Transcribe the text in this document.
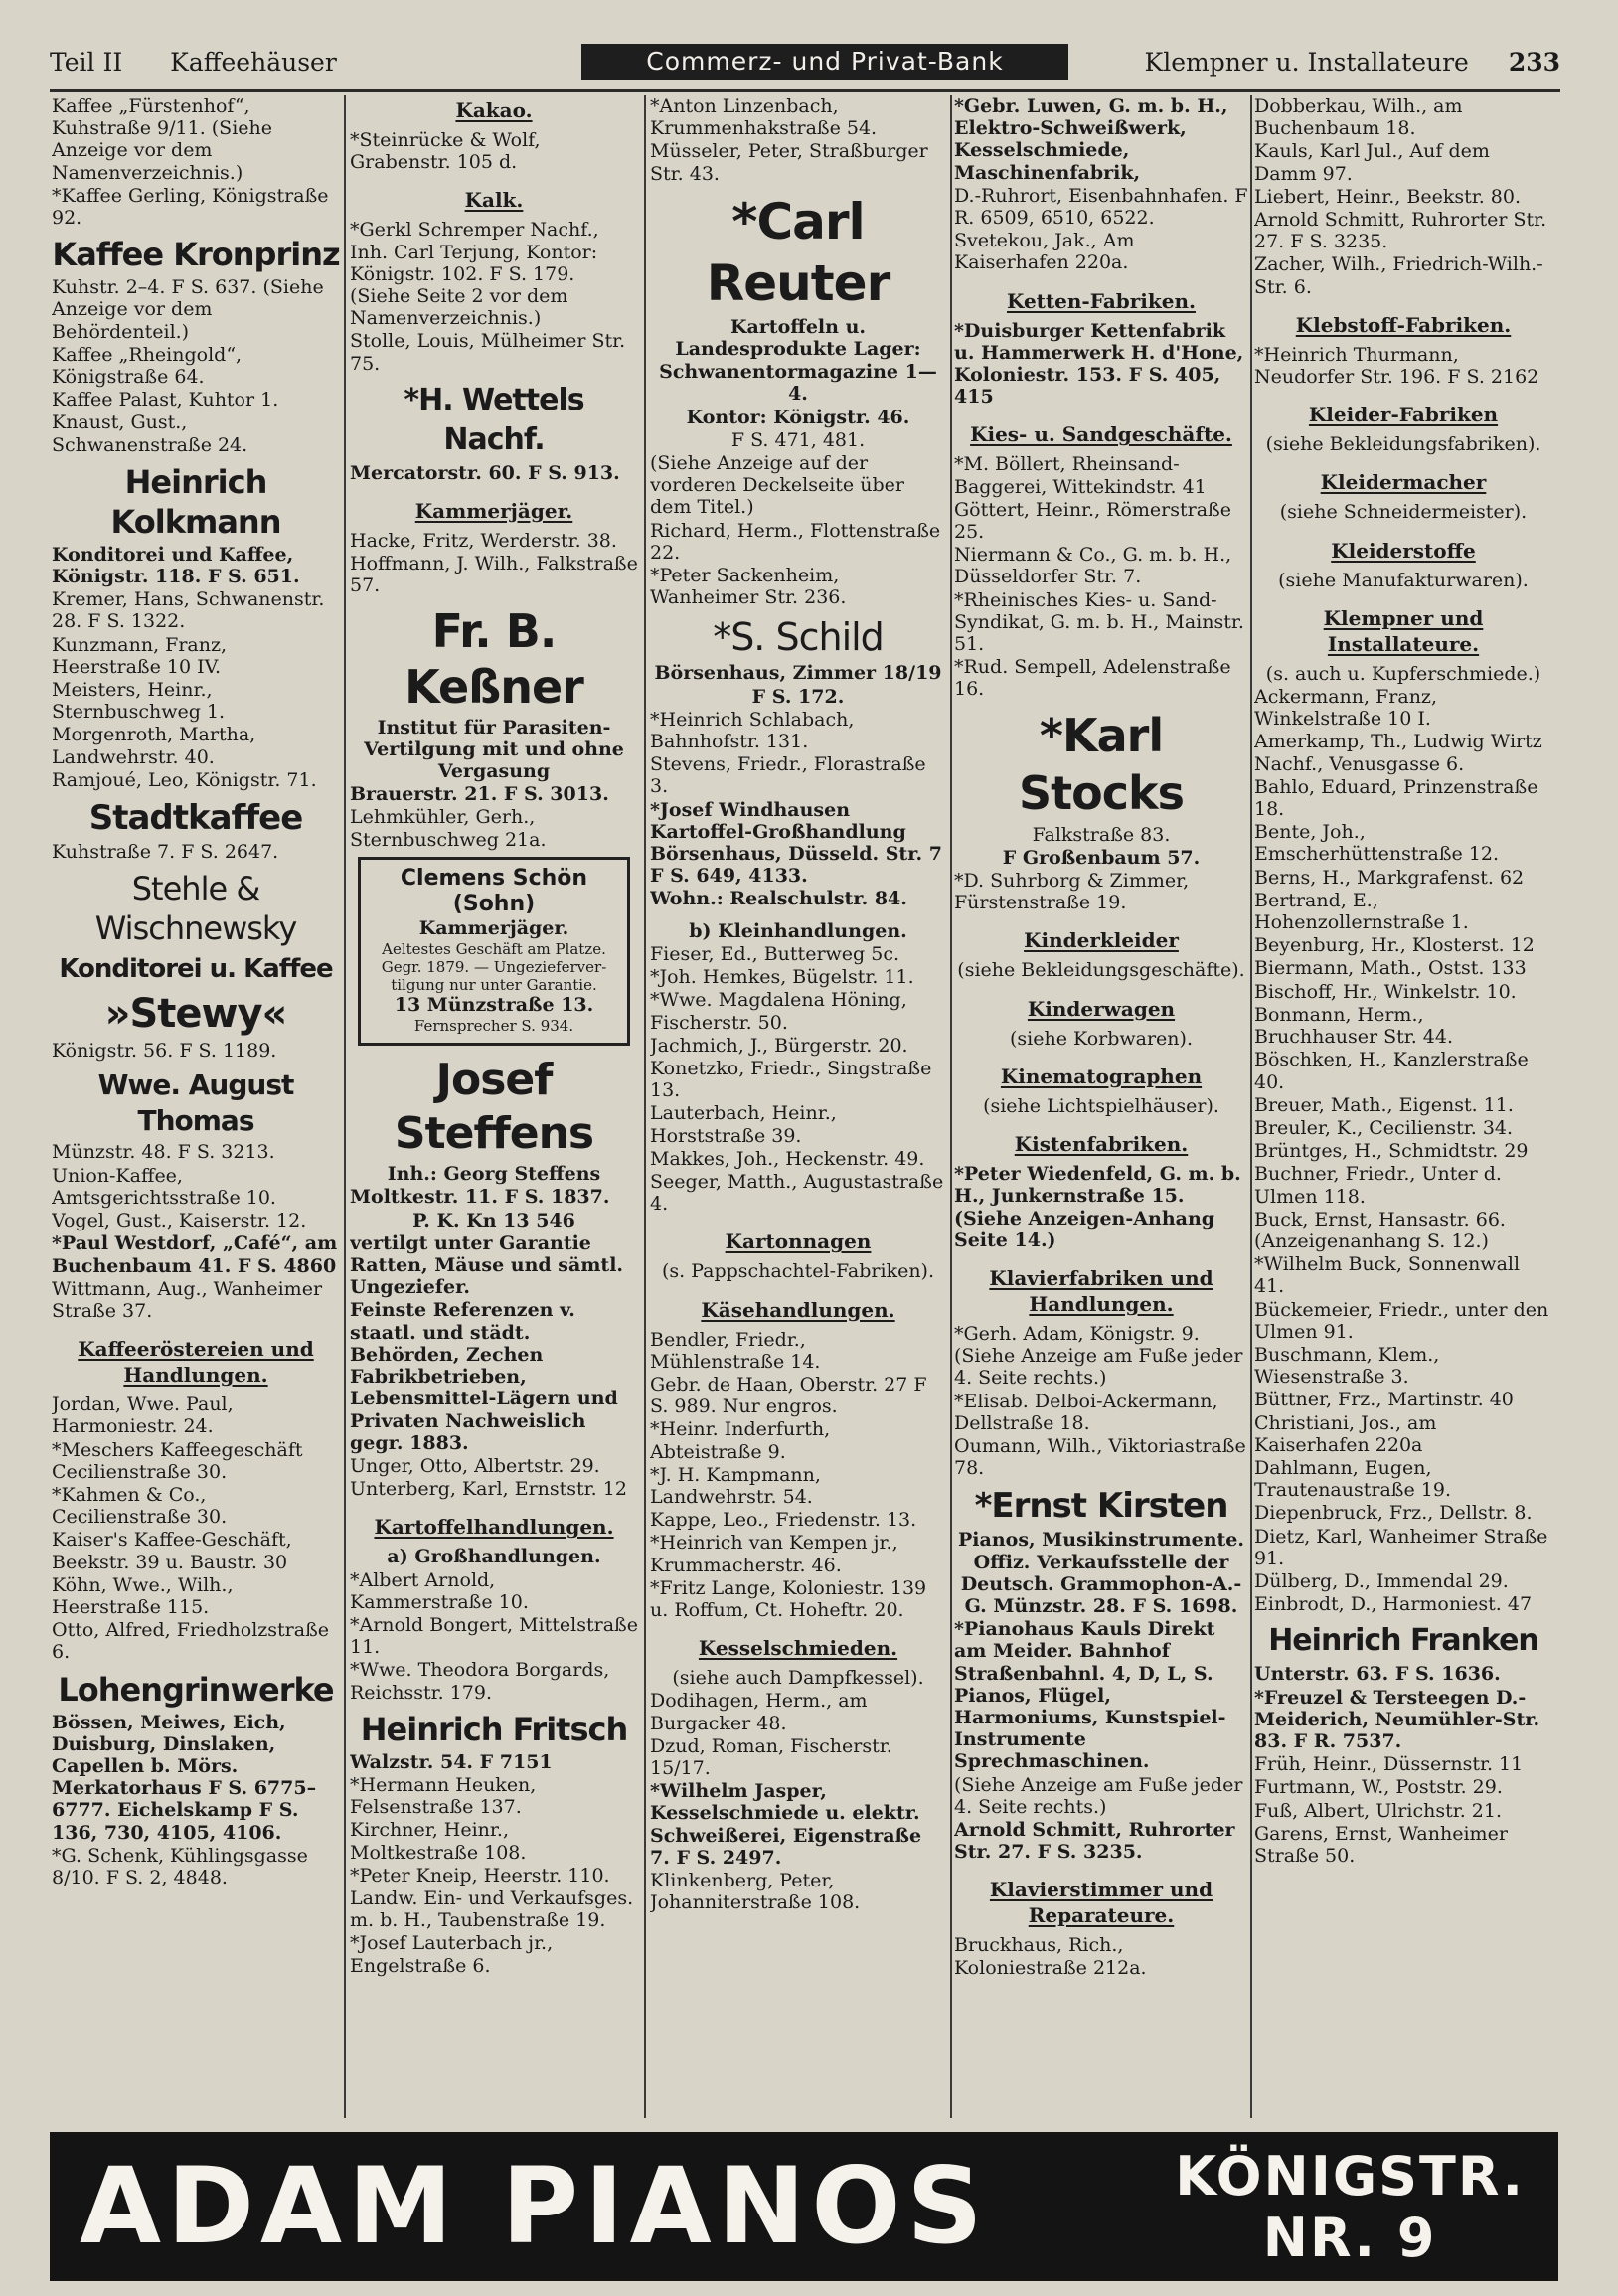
Teil II Kaffeehäuser	Commerz- und Privat-Bank	Klempner u. Installateure 233

Kaffee „Fürstenhof“, Kuhstraße 9/11. (Siehe Anzeige vor dem Namenverzeichnis.)

*Kaffee Gerling, Königstraße 92.

Kaffee Kronprinz

Kuhstr. 2–4. F S. 637. (Siehe Anzeige vor dem Behördenteil.)

Kaffee „Rheingold“, Königstraße 64.

Kaffee Palast, Kuhtor 1.

Knaust, Gust., Schwanenstraße 24.

Heinrich Kolkmann

Konditorei und Kaffee, Königstr. 118. F S. 651.

Kremer, Hans, Schwanenstr. 28. F S. 1322.

Kunzmann, Franz, Heerstraße 10 IV.

Meisters, Heinr., Sternbuschweg 1.

Morgenroth, Martha, Landwehrstr. 40.

Ramjoué, Leo, Königstr. 71.

Stadtkaffee

Kuhstraße 7. F S. 2647.

Stehle & Wischnewsky

Konditorei u. Kaffee

»Stewy«

Königstr. 56. F S. 1189.

Wwe. August Thomas

Münzstr. 48. F S. 3213.

Union-Kaffee, Amtsgerichtsstraße 10.

Vogel, Gust., Kaiserstr. 12.

*Paul Westdorf, „Café“, am Buchenbaum 41. F S. 4860

Wittmann, Aug., Wanheimer Straße 37.

Kaffeeröstereien und Handlungen.

Jordan, Wwe. Paul, Harmoniestr. 24.

*Meschers Kaffeegeschäft Cecilienstraße 30.

*Kahmen & Co., Cecilienstraße 30.

Kaiser's Kaffee-Geschäft, Beekstr. 39 u. Baustr. 30

Köhn, Wwe., Wilh., Heerstraße 115.

Otto, Alfred, Friedholzstraße 6.

Lohengrinwerke

Bössen, Meiwes, Eich, Duisburg, Dinslaken, Capellen b. Mörs. Merkatorhaus F S. 6775–6777. Eichelskamp F S. 136, 730, 4105, 4106.

*G. Schenk, Kühlingsgasse 8/10. F S. 2, 4848.

Kakao.

*Steinrücke & Wolf, Grabenstr. 105 d.

Kalk.

*Gerkl Schremper Nachf., Inh. Carl Terjung, Kontor: Königstr. 102. F S. 179. (Siehe Seite 2 vor dem Namenverzeichnis.)

Stolle, Louis, Mülheimer Str. 75.

*H. Wettels Nachf.

Mercatorstr. 60. F S. 913.

Kammerjäger.

Hacke, Fritz, Werderstr. 38.

Hoffmann, J. Wilh., Falkstraße 57.

Fr. B. Keßner

Institut für Parasiten-Vertilgung mit und ohne Vergasung

Brauerstr. 21. F S. 3013.

Lehmkühler, Gerh., Sternbuschweg 21a.

Clemens Schön (Sohn)
Kammerjäger.
Aeltestes Geschäft am Platze. Gegr. 1879. — Ungezieferver-tilgung nur unter Garantie.
13 Münzstraße 13.
Fernsprecher S. 934.

Josef Steffens

Inh.: Georg Steffens

Moltkestr. 11. F S. 1837.

P. K. Kn 13 546

vertilgt unter Garantie Ratten, Mäuse und sämtl. Ungeziefer.

Feinste Referenzen v. staatl. und städt. Behörden, Zechen Fabrikbetrieben, Lebensmittel-Lägern und Privaten Nachweislich gegr. 1883.

Unger, Otto, Albertstr. 29.

Unterberg, Karl, Ernststr. 12

Kartoffelhandlungen.

a) Großhandlungen.

*Albert Arnold, Kammerstraße 10.

*Arnold Bongert, Mittelstraße 11.

*Wwe. Theodora Borgards, Reichsstr. 179.

Heinrich Fritsch

Walzstr. 54. F 7151

*Hermann Heuken, Felsenstraße 137.

Kirchner, Heinr., Moltkestraße 108.

*Peter Kneip, Heerstr. 110.

Landw. Ein- und Verkaufsges. m. b. H., Taubenstraße 19.

*Josef Lauterbach jr., Engelstraße 6.

*Anton Linzenbach, Krummenhakstraße 54.

Müsseler, Peter, Straßburger Str. 43.

*Carl Reuter

Kartoffeln u. Landesprodukte Lager:

Schwanentormagazine 1—4.

Kontor: Königstr. 46.

F S. 471, 481.

(Siehe Anzeige auf der vorderen Deckelseite über dem Titel.)

Richard, Herm., Flottenstraße 22.

*Peter Sackenheim, Wanheimer Str. 236.

*S. Schild

Börsenhaus, Zimmer 18/19

F S. 172.

*Heinrich Schlabach, Bahnhofstr. 131.

Stevens, Friedr., Florastraße 3.

*Josef Windhausen Kartoffel-Großhandlung Börsenhaus, Düsseld. Str. 7 F S. 649, 4133.

Wohn.: Realschulstr. 84.

b) Kleinhandlungen.

Fieser, Ed., Butterweg 5c.

*Joh. Hemkes, Bügelstr. 11.

*Wwe. Magdalena Höning, Fischerstr. 50.

Jachmich, J., Bürgerstr. 20.

Konetzko, Friedr., Singstraße 13.

Lauterbach, Heinr., Horststraße 39.

Makkes, Joh., Heckenstr. 49.

Seeger, Matth., Augustastraße 4.

Kartonnagen

(s. Pappschachtel-Fabriken).

Käsehandlungen.

Bendler, Friedr., Mühlenstraße 14.

Gebr. de Haan, Oberstr. 27 F S. 989. Nur engros.

*Heinr. Inderfurth, Abteistraße 9.

*J. H. Kampmann, Landwehrstr. 54.

Kappe, Leo., Friedenstr. 13.

*Heinrich van Kempen jr., Krummacherstr. 46.

*Fritz Lange, Koloniestr. 139 u. Roffum, Ct. Hoheftr. 20.

Kesselschmieden.

(siehe auch Dampfkessel).

Dodihagen, Herm., am Burgacker 48.

Dzud, Roman, Fischerstr. 15/17.

*Wilhelm Jasper, Kesselschmiede u. elektr. Schweißerei, Eigenstraße 7. F S. 2497.

Klinkenberg, Peter, Johanniterstraße 108.

*Gebr. Luwen, G. m. b. H., Elektro-Schweißwerk, Kesselschmiede, Maschinenfabrik,

D.-Ruhrort, Eisenbahnhafen. F R. 6509, 6510, 6522.

Svetekou, Jak., Am Kaiserhafen 220a.

Ketten-Fabriken.

*Duisburger Kettenfabrik u. Hammerwerk H. d'Hone, Koloniestr. 153. F S. 405, 415

Kies- u. Sandgeschäfte.

*M. Böllert, Rheinsand-Baggerei, Wittekindstr. 41

Göttert, Heinr., Römerstraße 25.

Niermann & Co., G. m. b. H., Düsseldorfer Str. 7.

*Rheinisches Kies- u. Sand-Syndikat, G. m. b. H., Mainstr. 51.

*Rud. Sempell, Adelenstraße 16.

*Karl Stocks

Falkstraße 83.

F Großenbaum 57.

*D. Suhrborg & Zimmer, Fürstenstraße 19.

Kinderkleider

(siehe Bekleidungsgeschäfte).

Kinderwagen

(siehe Korbwaren).

Kinematographen

(siehe Lichtspielhäuser).

Kistenfabriken.

*Peter Wiedenfeld, G. m. b. H., Junkernstraße 15. (Siehe Anzeigen-Anhang Seite 14.)

Klavierfabriken und Handlungen.

*Gerh. Adam, Königstr. 9. (Siehe Anzeige am Fuße jeder 4. Seite rechts.)

*Elisab. Delboi-Ackermann, Dellstraße 18.

Oumann, Wilh., Viktoriastraße 78.

*Ernst Kirsten

Pianos, Musikinstrumente. Offiz. Verkaufsstelle der Deutsch. Grammophon-A.-G. Münzstr. 28. F S. 1698.

*Pianohaus Kauls Direkt am Meider. Bahnhof Straßenbahnl. 4, D, L, S. Pianos, Flügel, Harmoniums, Kunstspiel-Instrumente Sprechmaschinen.

(Siehe Anzeige am Fuße jeder 4. Seite rechts.)

Arnold Schmitt, Ruhrorter Str. 27. F S. 3235.

Klavierstimmer und Reparateure.

Bruckhaus, Rich., Koloniestraße 212a.

Dobberkau, Wilh., am Buchenbaum 18.

Kauls, Karl Jul., Auf dem Damm 97.

Liebert, Heinr., Beekstr. 80.

Arnold Schmitt, Ruhrorter Str. 27. F S. 3235.

Zacher, Wilh., Friedrich-Wilh.-Str. 6.

Klebstoff-Fabriken.

*Heinrich Thurmann, Neudorfer Str. 196. F S. 2162

Kleider-Fabriken

(siehe Bekleidungsfabriken).

Kleidermacher

(siehe Schneidermeister).

Kleiderstoffe

(siehe Manufakturwaren).

Klempner und Installateure.

(s. auch u. Kupferschmiede.)

Ackermann, Franz, Winkelstraße 10 I.

Amerkamp, Th., Ludwig Wirtz Nachf., Venusgasse 6.

Bahlo, Eduard, Prinzenstraße 18.

Bente, Joh., Emscherhüttenstraße 12.

Berns, H., Markgrafenst. 62

Bertrand, E., Hohenzollernstraße 1.

Beyenburg, Hr., Klosterst. 12

Biermann, Math., Ostst. 133

Bischoff, Hr., Winkelstr. 10.

Bonmann, Herm., Bruchhauser Str. 44.

Böschken, H., Kanzlerstraße 40.

Breuer, Math., Eigenst. 11.

Breuler, K., Cecilienstr. 34.

Brüntges, H., Schmidtstr. 29

Buchner, Friedr., Unter d. Ulmen 118.

Buck, Ernst, Hansastr. 66. (Anzeigenanhang S. 12.)

*Wilhelm Buck, Sonnenwall 41.

Bückemeier, Friedr., unter den Ulmen 91.

Buschmann, Klem., Wiesenstraße 3.

Büttner, Frz., Martinstr. 40

Christiani, Jos., am Kaiserhafen 220a

Dahlmann, Eugen, Trautenaustraße 19.

Diepenbruck, Frz., Dellstr. 8.

Dietz, Karl, Wanheimer Straße 91.

Dülberg, D., Immendal 29.

Einbrodt, D., Harmoniest. 47

Heinrich Franken

Unterstr. 63. F S. 1636.

*Freuzel & Tersteegen D.-Meiderich, Neumühler-Str. 83. F R. 7537.

Früh, Heinr., Düssernstr. 11

Furtmann, W., Poststr. 29.

Fuß, Albert, Ulrichstr. 21.

Garens, Ernst, Wanheimer Straße 50.

ADAM PIANOS	KÖNIGSTR.
NR. 9
